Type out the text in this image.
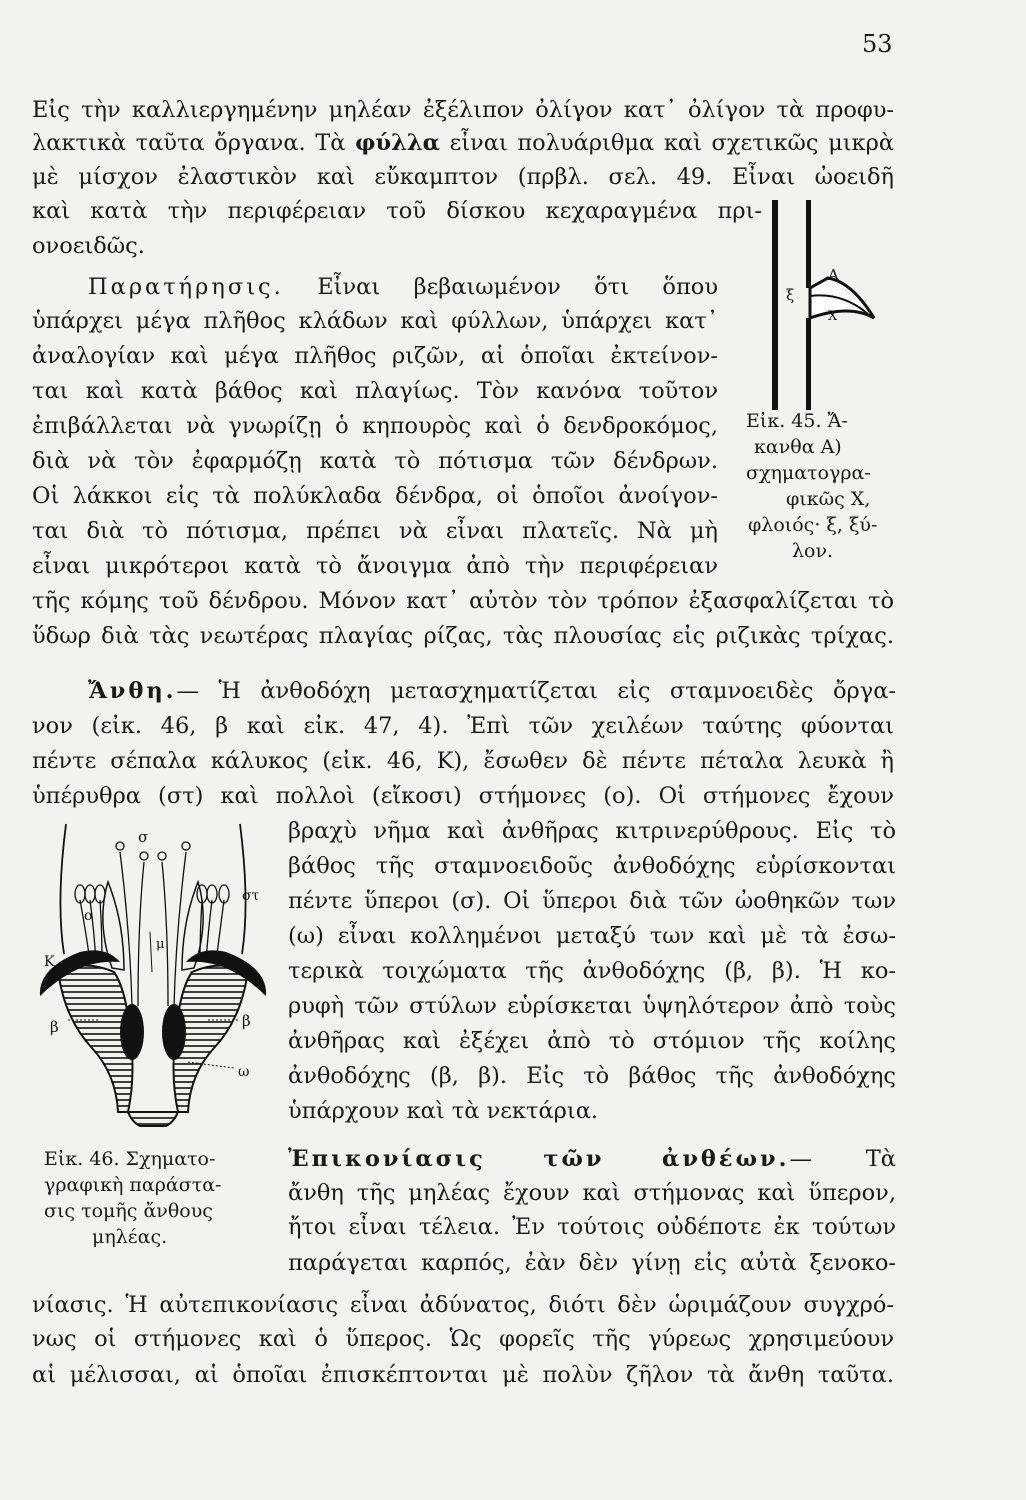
53
Εἰς τὴν καλλιεργημένην μηλέαν ἐξέλιπον ὀλίγον κατ᾽ ὀλίγον τὰ προφυ-
λακτικὰ ταῦτα ὄργανα. Τὰ φύλλα εἶναι πολυάριθμα καὶ σχετικῶς μικρὰ
μὲ μίσχον ἐλαστικὸν καὶ εὔκαμπτον (πρβλ. σελ. 49. Εἶναι ὠοειδῆ
καὶ κατὰ τὴν περιφέρειαν τοῦ δίσκου κεχαραγμένα πρι-
ονοειδῶς.
Παρατήρησις. Εἶναι βεβαιωμένον ὅτι ὅπου
ὑπάρχει μέγα πλῆθος κλάδων καὶ φύλλων, ὑπάρχει κατ᾽
ἀναλογίαν καὶ μέγα πλῆθος ριζῶν, αἱ ὁποῖαι ἐκτείνον-
ται καὶ κατὰ βάθος καὶ πλαγίως. Τὸν κανόνα τοῦτον
ἐπιβάλλεται νὰ γνωρίζῃ ὁ κηπουρὸς καὶ ὁ δενδροκόμος,
διὰ νὰ τὸν ἐφαρμόζῃ κατὰ τὸ πότισμα τῶν δένδρων.
Οἱ λάκκοι εἰς τὰ πολύκλαδα δένδρα, οἱ ὁποῖοι ἀνοίγον-
ται διὰ τὸ πότισμα, πρέπει νὰ εἶναι πλατεῖς. Νὰ μὴ
εἶναι μικρότεροι κατὰ τὸ ἄνοιγμα ἀπὸ τὴν περιφέρειαν
τῆς κόμης τοῦ δένδρου. Μόνον κατ᾽ αὐτὸν τὸν τρόπον ἐξασφαλίζεται τὸ
ὕδωρ διὰ τὰς νεωτέρας πλαγίας ρίζας, τὰς πλουσίας εἰς ριζικὰς τρίχας.
Α
ξ
Χ
Εἰκ. 45. Ἄ-
κανθα Α)
σχηματογρα-
φικῶς Χ,
φλοιός· ξ, ξύ-
λον.
Ἄνθη.— Ἡ ἀνθοδόχη μετασχηματίζεται εἰς σταμνοειδὲς ὄργα-
νον (εἰκ. 46, β καὶ εἰκ. 47, 4). Ἐπὶ τῶν χειλέων ταύτης φύονται
πέντε σέπαλα κάλυκος (εἰκ. 46, Κ), ἔσωθεν δὲ πέντε πέταλα λευκὰ ἢ
ὑπέρυθρα (στ) καὶ πολλοὶ (εἴκοσι) στήμονες (ο). Οἱ στήμονες ἔχουν
βραχὺ νῆμα καὶ ἀνθῆρας κιτρινερύθρους. Εἰς τὸ
βάθος τῆς σταμνοειδοῦς ἀνθοδόχης εὑρίσκονται
πέντε ὕπεροι (σ). Οἱ ὕπεροι διὰ τῶν ὠοθηκῶν των
(ω) εἶναι κολλημένοι μεταξύ των καὶ μὲ τὰ ἐσω-
τερικὰ τοιχώματα τῆς ἀνθοδόχης (β, β). Ἡ κο-
ρυφὴ τῶν στύλων εὑρίσκεται ὑψηλότερον ἀπὸ τοὺς
ἀνθῆρας καὶ ἐξέχει ἀπὸ τὸ στόμιον τῆς κοίλης
ἀνθοδόχης (β, β). Εἰς τὸ βάθος τῆς ἀνθοδόχης
ὑπάρχουν καὶ τὰ νεκτάρια.
σ
στ
ο
μ
Κ
β	β
ω
Εἰκ. 46. Σχηματο-
γραφικὴ παράστα-
σις τομῆς ἄνθους
μηλέας.
Ἐπικονίασις τῶν ἀνθέων.— Τὰ
ἄνθη τῆς μηλέας ἔχουν καὶ στήμονας καὶ ὕπερον,
ἤτοι εἶναι τέλεια. Ἐν τούτοις οὐδέποτε ἐκ τούτων
παράγεται καρπός, ἐὰν δὲν γίνῃ εἰς αὐτὰ ξενοκο-
νίασις. Ἡ αὐτεπικονίασις εἶναι ἀδύνατος, διότι δὲν ὡριμάζουν συγχρό-
νως οἱ στήμονες καὶ ὁ ὕπερος. Ὡς φορεῖς τῆς γύρεως χρησιμεύουν
αἱ μέλισσαι, αἱ ὁποῖαι ἐπισκέπτονται μὲ πολὺν ζῆλον τὰ ἄνθη ταῦτα.
